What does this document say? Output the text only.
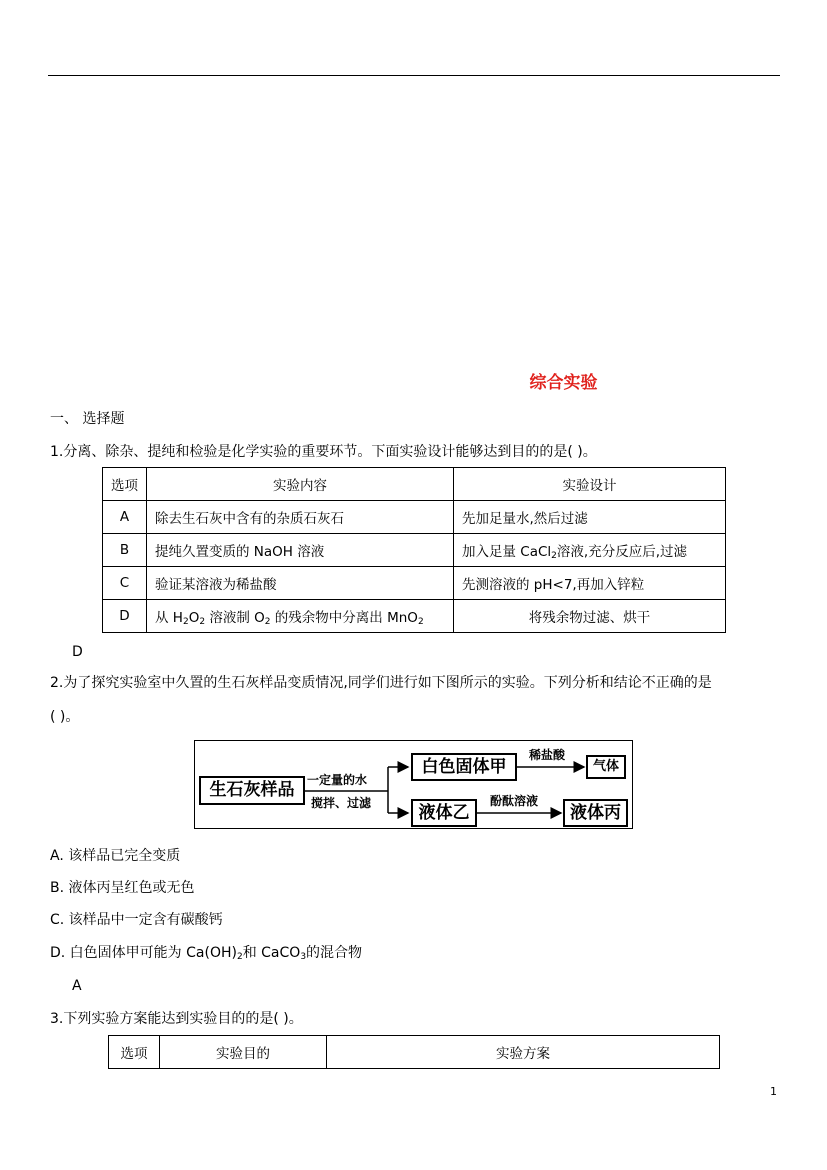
综合实验
一、 选择题
1.分离、除杂、提纯和检验是化学实验的重要环节。下面实验设计能够达到目的的是( )。
选项	实验内容	实验设计
A	除去生石灰中含有的杂质石灰石	先加足量水,然后过滤
B	提纯久置变质的 NaOH 溶液	加入足量 CaCl$_2$溶液,充分反应后,过滤
C	验证某溶液为稀盐酸	先测溶液的 pH<7,再加入锌粒
D	从 $H_2O_2$ 溶液制 $O_2$ 的残余物中分离出 MnO$_2$	将残余物过滤、烘干
D
2.为了探究实验室中久置的生石灰样品变质情况,同学们进行如下图所示的实验。下列分析和结论不正确的是
( )。
生石灰样品	一定量的水
搅拌、过滤
白色固体甲
稀盐酸
气体
液体乙
酚酞溶液
液体丙
A. 该样品已完全变质
B. 液体丙呈红色或无色
C. 该样品中一定含有碳酸钙
D. 白色固体甲可能为 $Ca(OH)_2$和 CaCO$_3$的混合物
A
3.下列实验方案能达到实验目的的是( )。
选项	实验目的	实验方案
1
